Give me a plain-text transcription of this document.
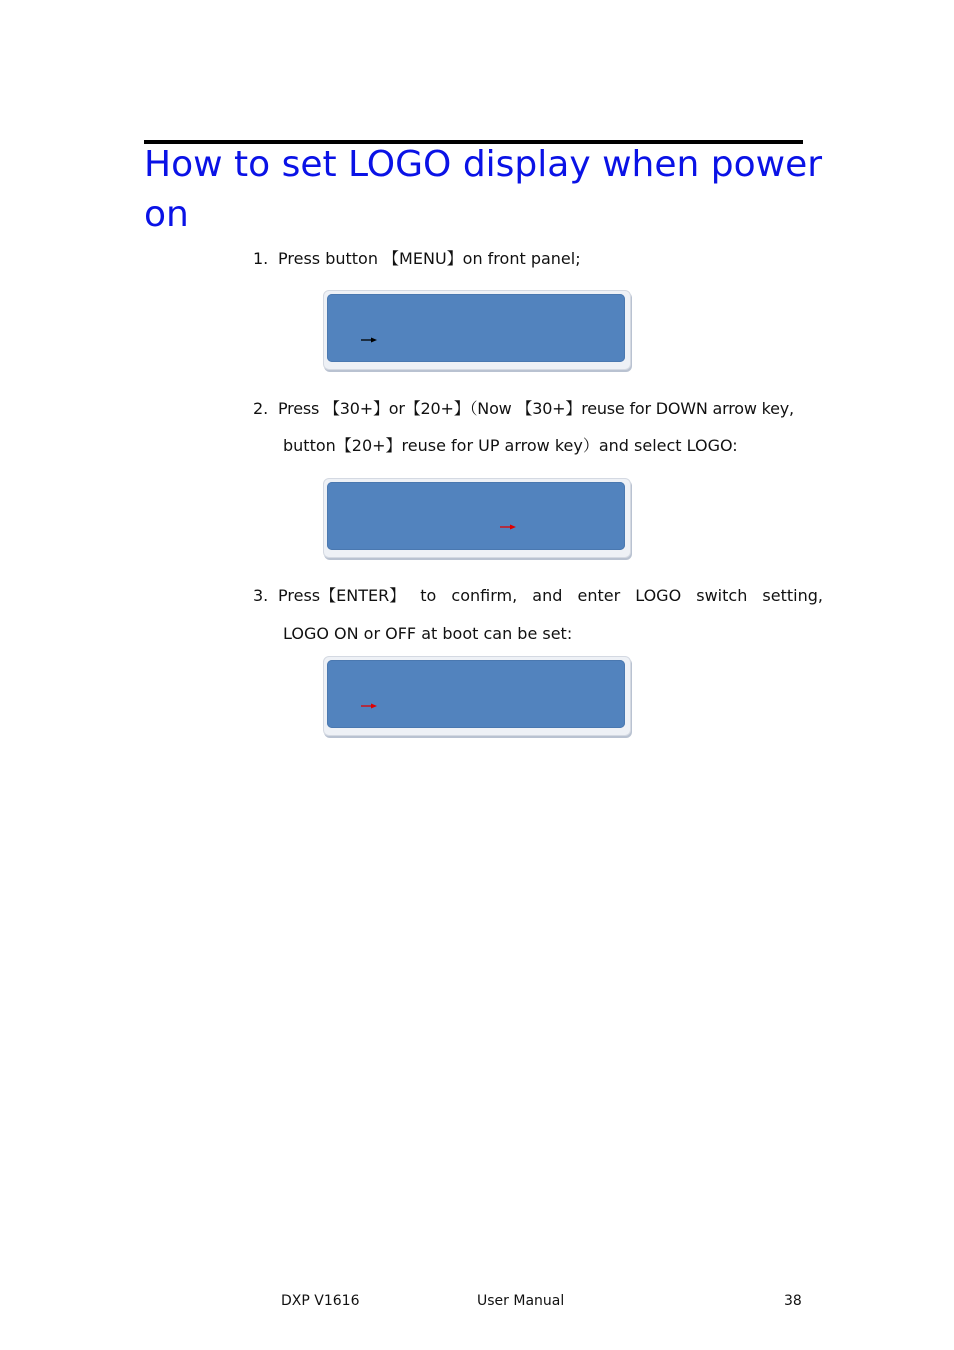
How to set LOGO display when power
on
1. Press button 【MENU】on front panel;
2. Press 【30+】or【20+】（Now 【30+】reuse for DOWN arrow key,
button【20+】reuse for UP arrow key）and select LOGO:
3. Press【ENTER】 to confirm, and enter LOGO switch setting,
LOGO ON or OFF at boot can be set:
DXP V1616	User Manual	38
